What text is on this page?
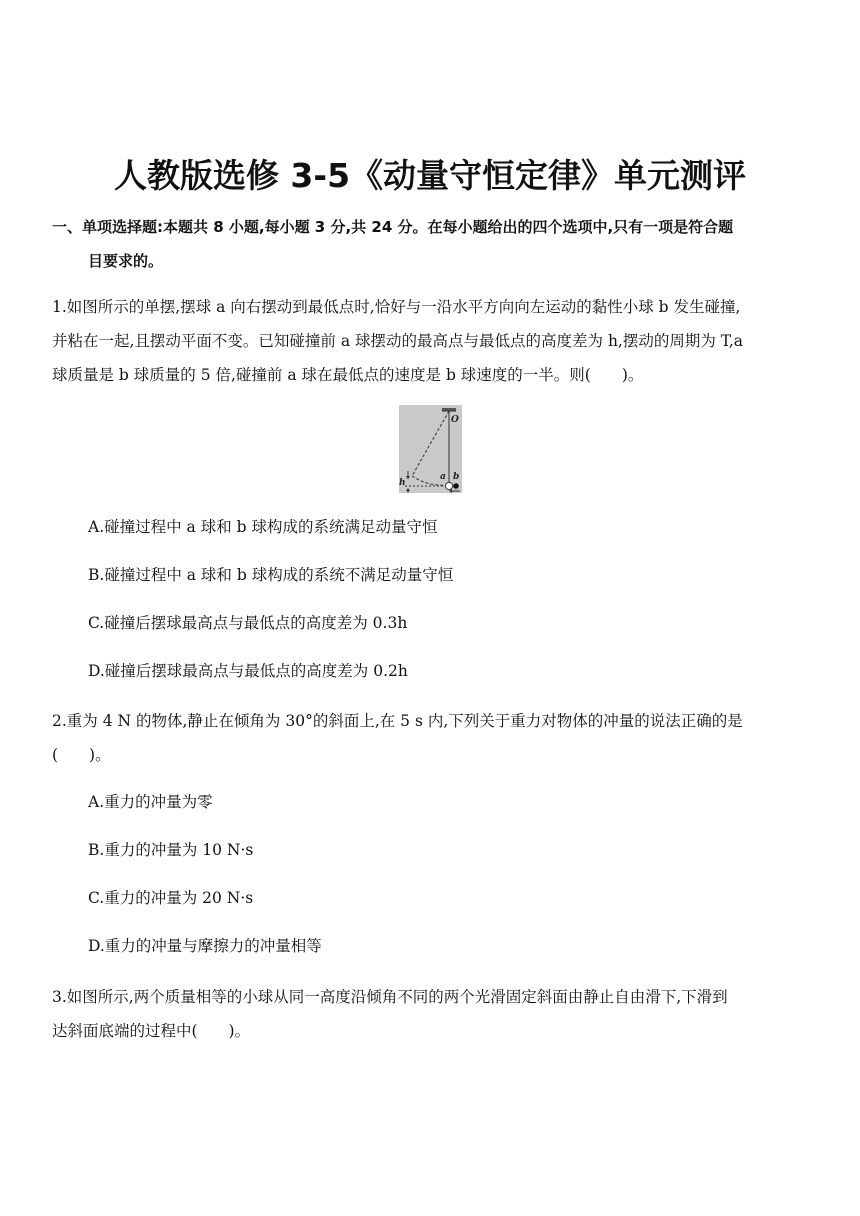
人教版选修 3-5《动量守恒定律》单元测评
一、单项选择题:本题共 8 小题,每小题 3 分,共 24 分。在每小题给出的四个选项中,只有一项是符合题
目要求的。
1.如图所示的单摆,摆球 a 向右摆动到最低点时,恰好与一沿水平方向向左运动的黏性小球 b 发生碰撞,
并粘在一起,且摆动平面不变。已知碰撞前 a 球摆动的最高点与最低点的高度差为 h,摆动的周期为 T,a
球质量是 b 球质量的 5 倍,碰撞前 a 球在最低点的速度是 b 球速度的一半。则(　　)。
O
a b
h
A.碰撞过程中 a 球和 b 球构成的系统满足动量守恒
B.碰撞过程中 a 球和 b 球构成的系统不满足动量守恒
C.碰撞后摆球最高点与最低点的高度差为 0.3h
D.碰撞后摆球最高点与最低点的高度差为 0.2h
2.重为 4 N 的物体,静止在倾角为 30°的斜面上,在 5 s 内,下列关于重力对物体的冲量的说法正确的是
(　　)。
A.重力的冲量为零
B.重力的冲量为 10 N·s
C.重力的冲量为 20 N·s
D.重力的冲量与摩擦力的冲量相等
3.如图所示,两个质量相等的小球从同一高度沿倾角不同的两个光滑固定斜面由静止自由滑下,下滑到
达斜面底端的过程中(　　)。
